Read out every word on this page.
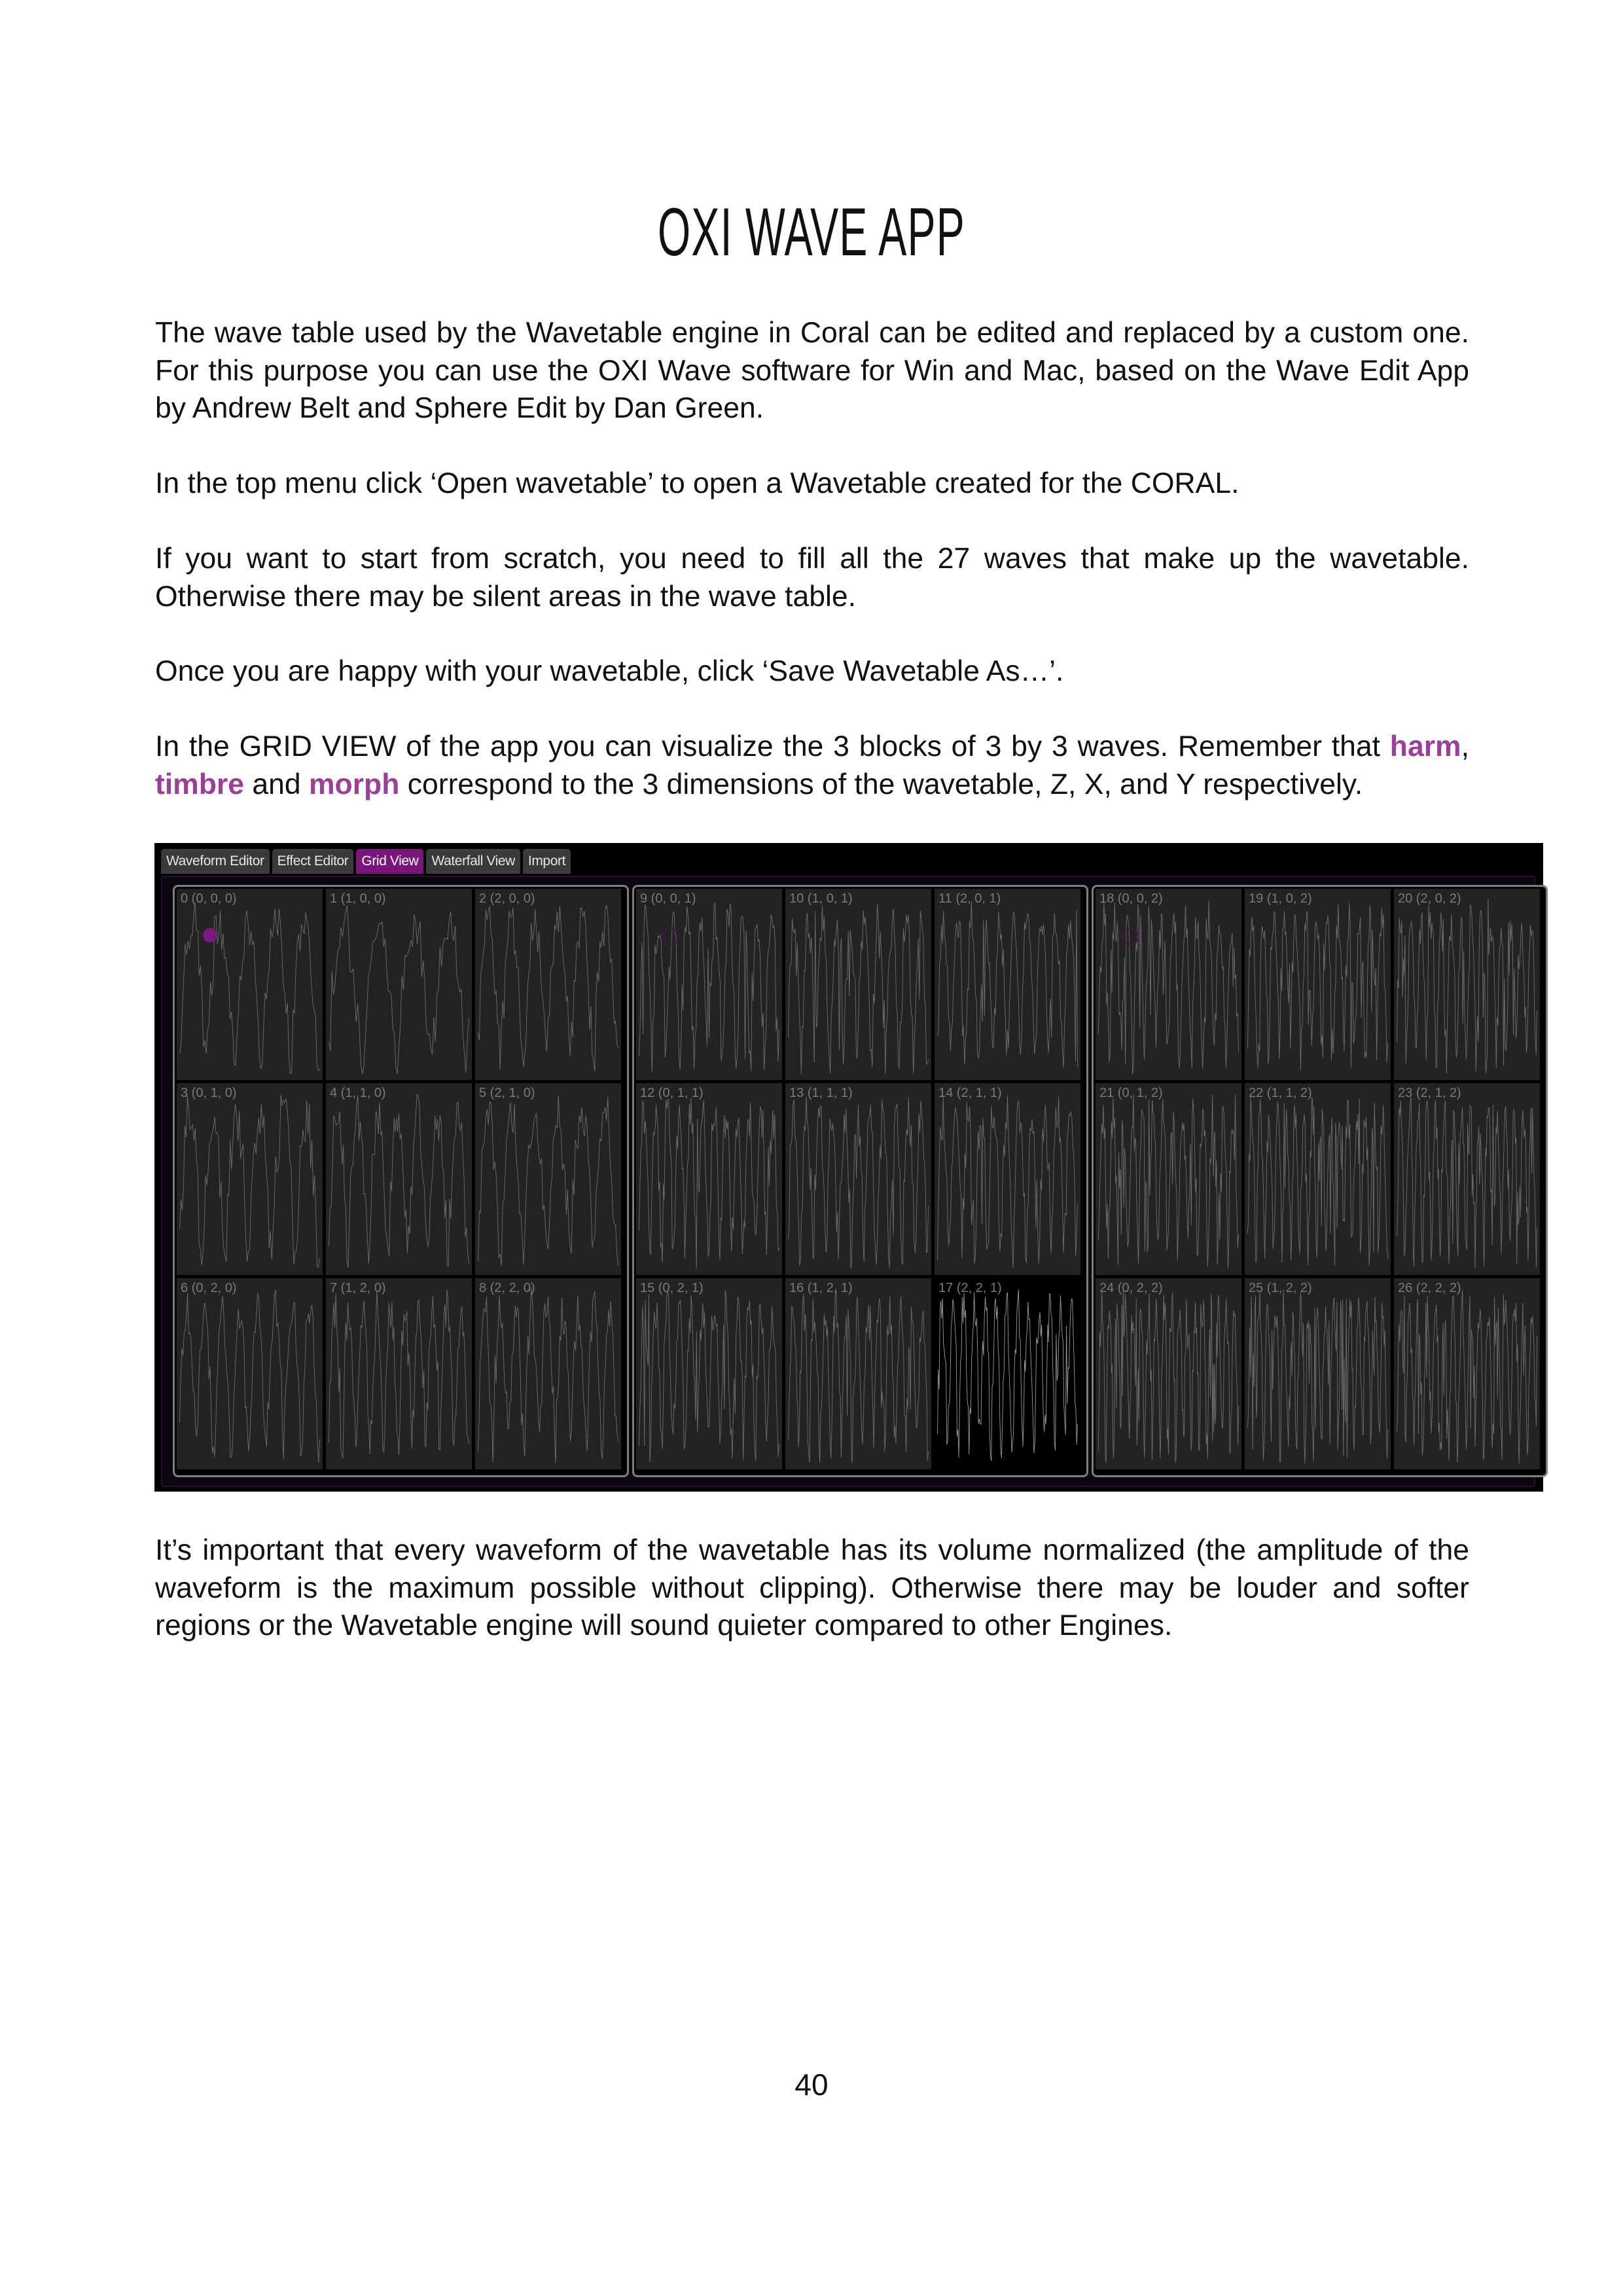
OXI WAVE APP

The wave table used by the Wavetable engine in Coral can be edited and replaced by a custom one. For this purpose you can use the OXI Wave software for Win and Mac, based on the Wave Edit App by Andrew Belt and Sphere Edit by Dan Green.

In the top menu click ‘Open wavetable’ to open a Wavetable created for the CORAL.

If you want to start from scratch, you need to fill all the 27 waves that make up the wavetable. Otherwise there may be silent areas in the wave table.

Once you are happy with your wavetable, click ‘Save Wavetable As…’.

In the GRID VIEW of the app you can visualize the 3 blocks of 3 by 3 waves. Remember that harm, timbre and morph correspond to the 3 dimensions of the wavetable, Z, X, and Y respectively.

Waveform Editor Effect Editor Grid View Waterfall View Import
0 (0, 0, 0)	1 (1, 0, 0)	2 (2, 0, 0)
3 (0, 1, 0)	4 (1, 1, 0)	5 (2, 1, 0)
6 (0, 2, 0)	7 (1, 2, 0)	8 (2, 2, 0)
9 (0, 0, 1)	10 (1, 0, 1)	11 (2, 0, 1)
12 (0, 1, 1)	13 (1, 1, 1)	14 (2, 1, 1)
15 (0, 2, 1)	16 (1, 2, 1)	17 (2, 2, 1)
18 (0, 0, 2)	19 (1, 0, 2)	20 (2, 0, 2)
21 (0, 1, 2)	22 (1, 1, 2)	23 (2, 1, 2)
24 (0, 2, 2)	25 (1, 2, 2)	26 (2, 2, 2)

It’s important that every waveform of the wavetable has its volume normalized (the amplitude of the waveform is the maximum possible without clipping). Otherwise there may be louder and softer regions or the Wavetable engine will sound quieter compared to other Engines.

40
